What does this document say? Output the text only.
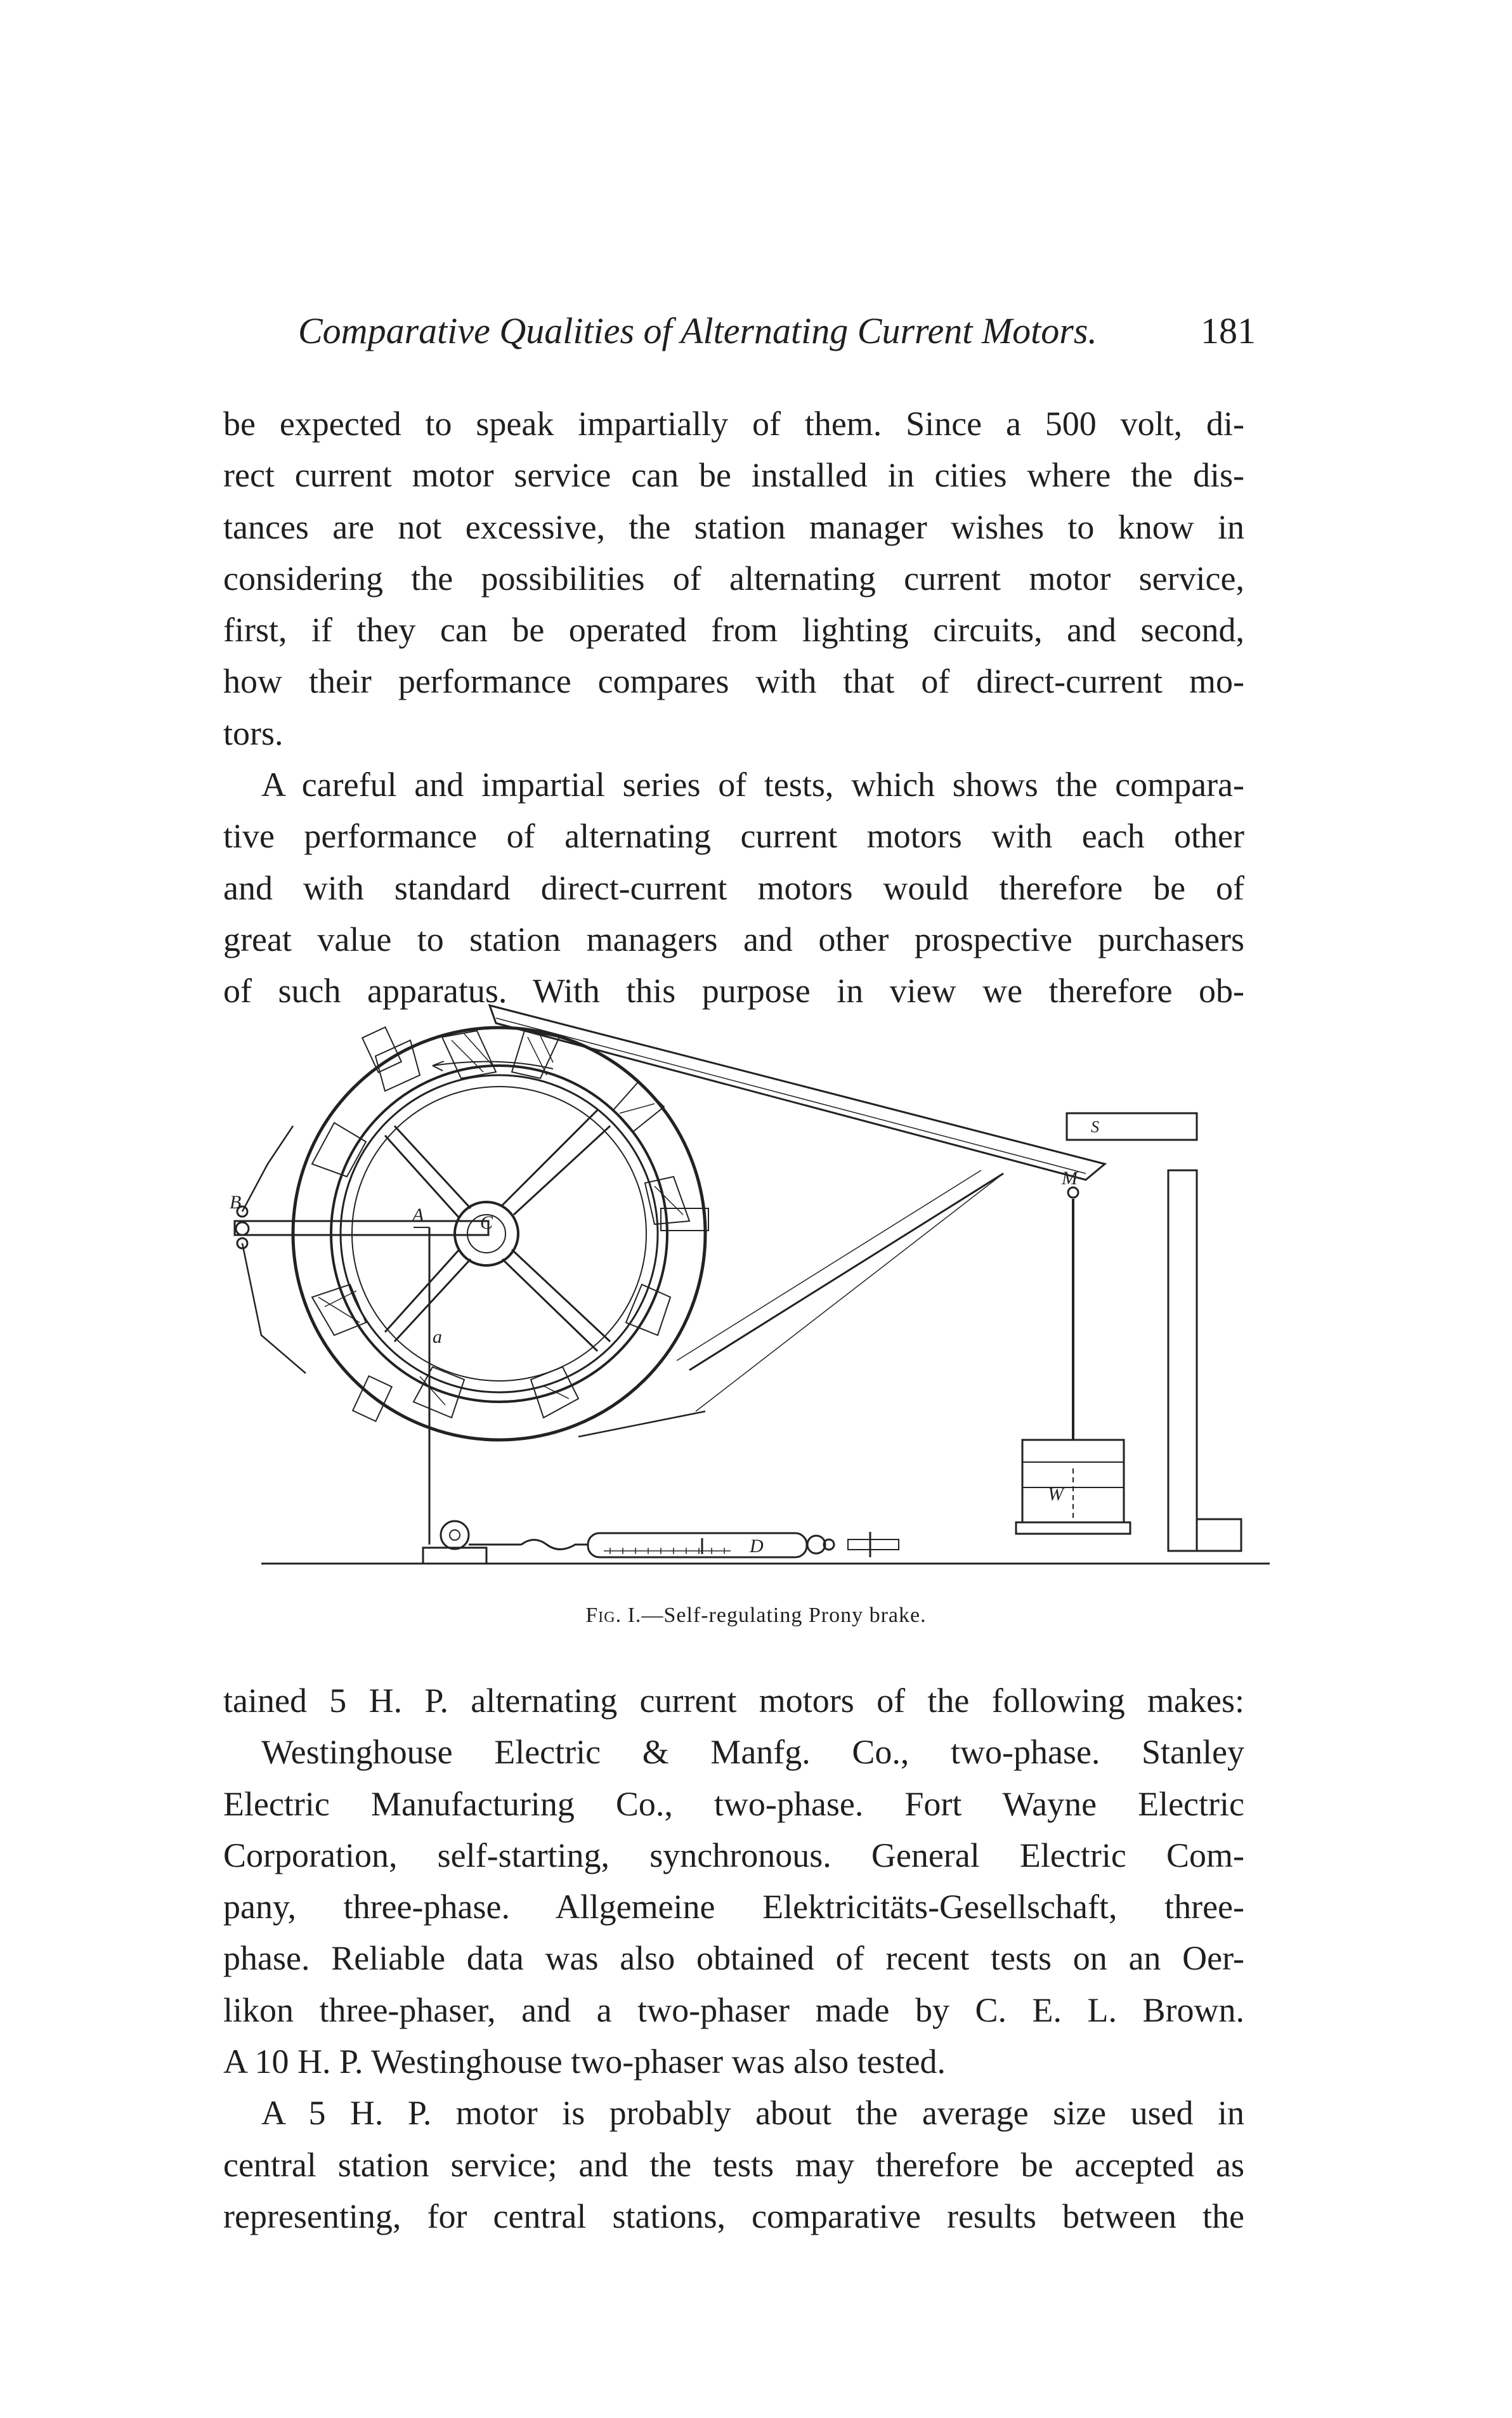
Comparative Qualities of Alternating Current Motors.	181
be expected to speak impartially of them. Since a 500 volt, di-
rect current motor service can be installed in cities where the dis-
tances are not excessive, the station manager wishes to know in
considering the possibilities of alternating current motor service,
first, if they can be operated from lighting circuits, and second,
how their performance compares with that of direct-current mo-
tors.
A careful and impartial series of tests, which shows the compara-
tive performance of alternating current motors with each other
and with standard direct-current motors would therefore be of
great value to station managers and other prospective purchasers
of such apparatus. With this purpose in view we therefore ob-
C
B
A
a
M
S
W
D
Fig. I.—Self-regulating Prony brake.
tained 5 H. P. alternating current motors of the following makes:
Westinghouse Electric & Manfg. Co., two-phase. Stanley
Electric Manufacturing Co., two-phase. Fort Wayne Electric
Corporation, self-starting, synchronous. General Electric Com-
pany, three-phase. Allgemeine Elektricitäts-Gesellschaft, three-
phase. Reliable data was also obtained of recent tests on an Oer-
likon three-phaser, and a two-phaser made by C. E. L. Brown.
A 10 H. P. Westinghouse two-phaser was also tested.
A 5 H. P. motor is probably about the average size used in
central station service; and the tests may therefore be accepted as
representing, for central stations, comparative results between the
